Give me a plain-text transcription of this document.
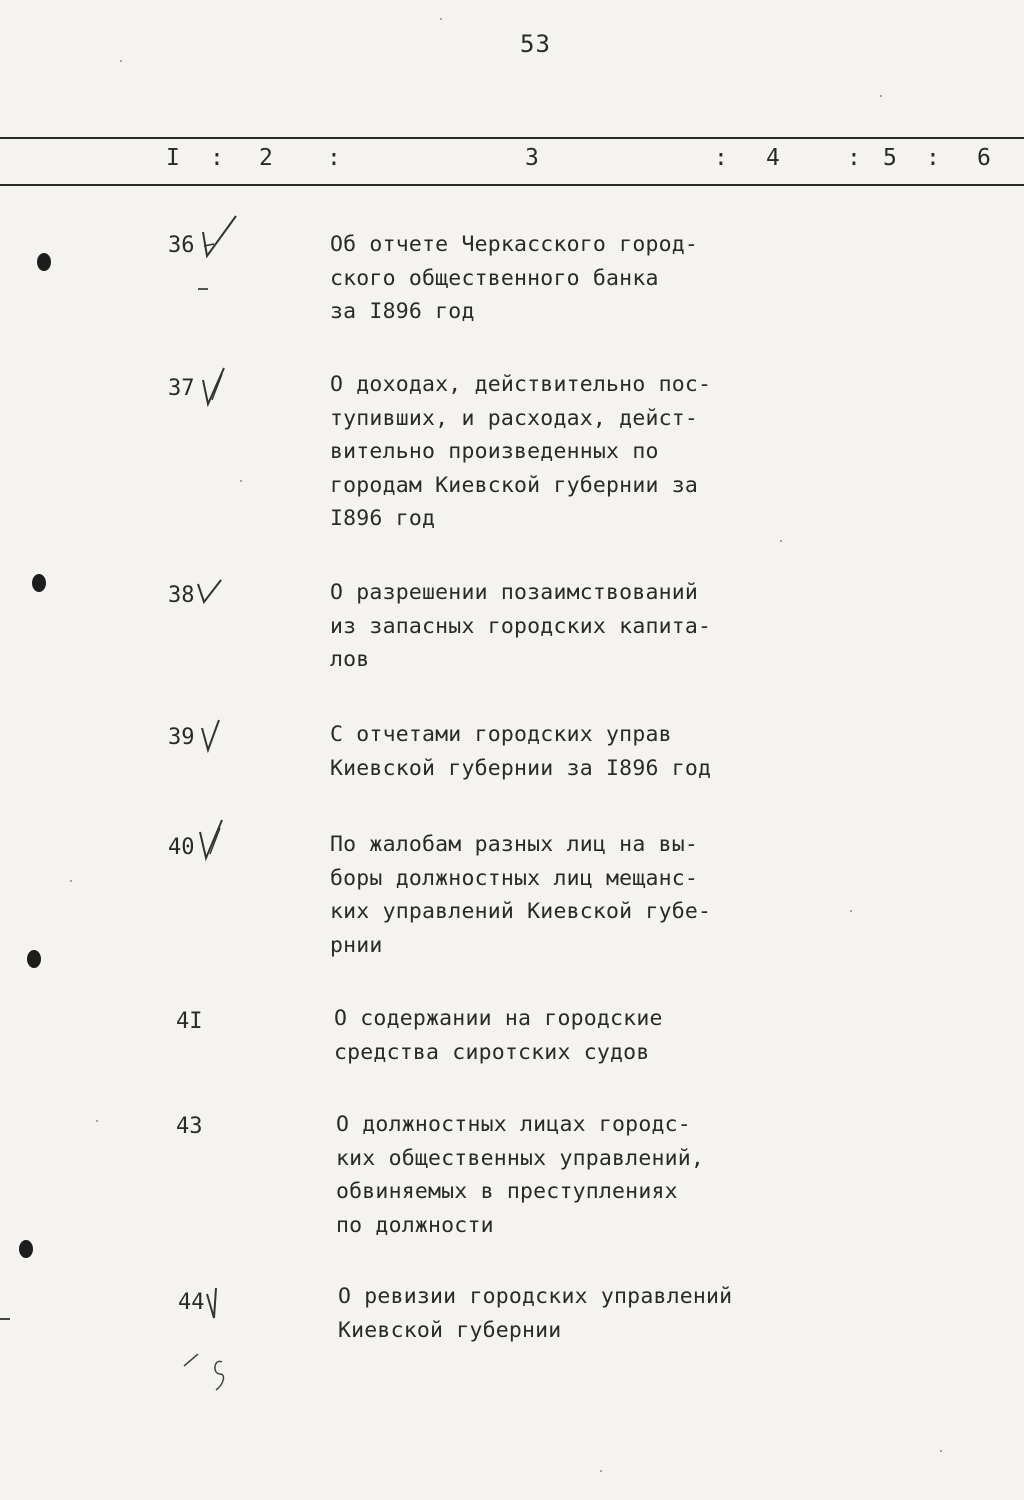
53
I : 2 :	3	: 4	: 5 : 6
36	Об отчете Черкасского город-
ского общественного банка
за I896 год
37	О доходах, действительно пос-
тупивших, и расходах, дейст-
вительно произведенных по
городам Киевской губернии за
I896 год
38	О разрешении позаимствований
из запасных городских капита-
лов
39	С отчетами городских управ
Киевской губернии за I896 год
40	По жалобам разных лиц на вы-
боры должностных лиц мещанс-
ких управлений Киевской губе-
рнии
4I	О содержании на городские
средства сиротских судов
43	О должностных лицах городс-
ких общественных управлений,
обвиняемых в преступлениях
по должности
44	О ревизии городских управлений
Киевской губернии
